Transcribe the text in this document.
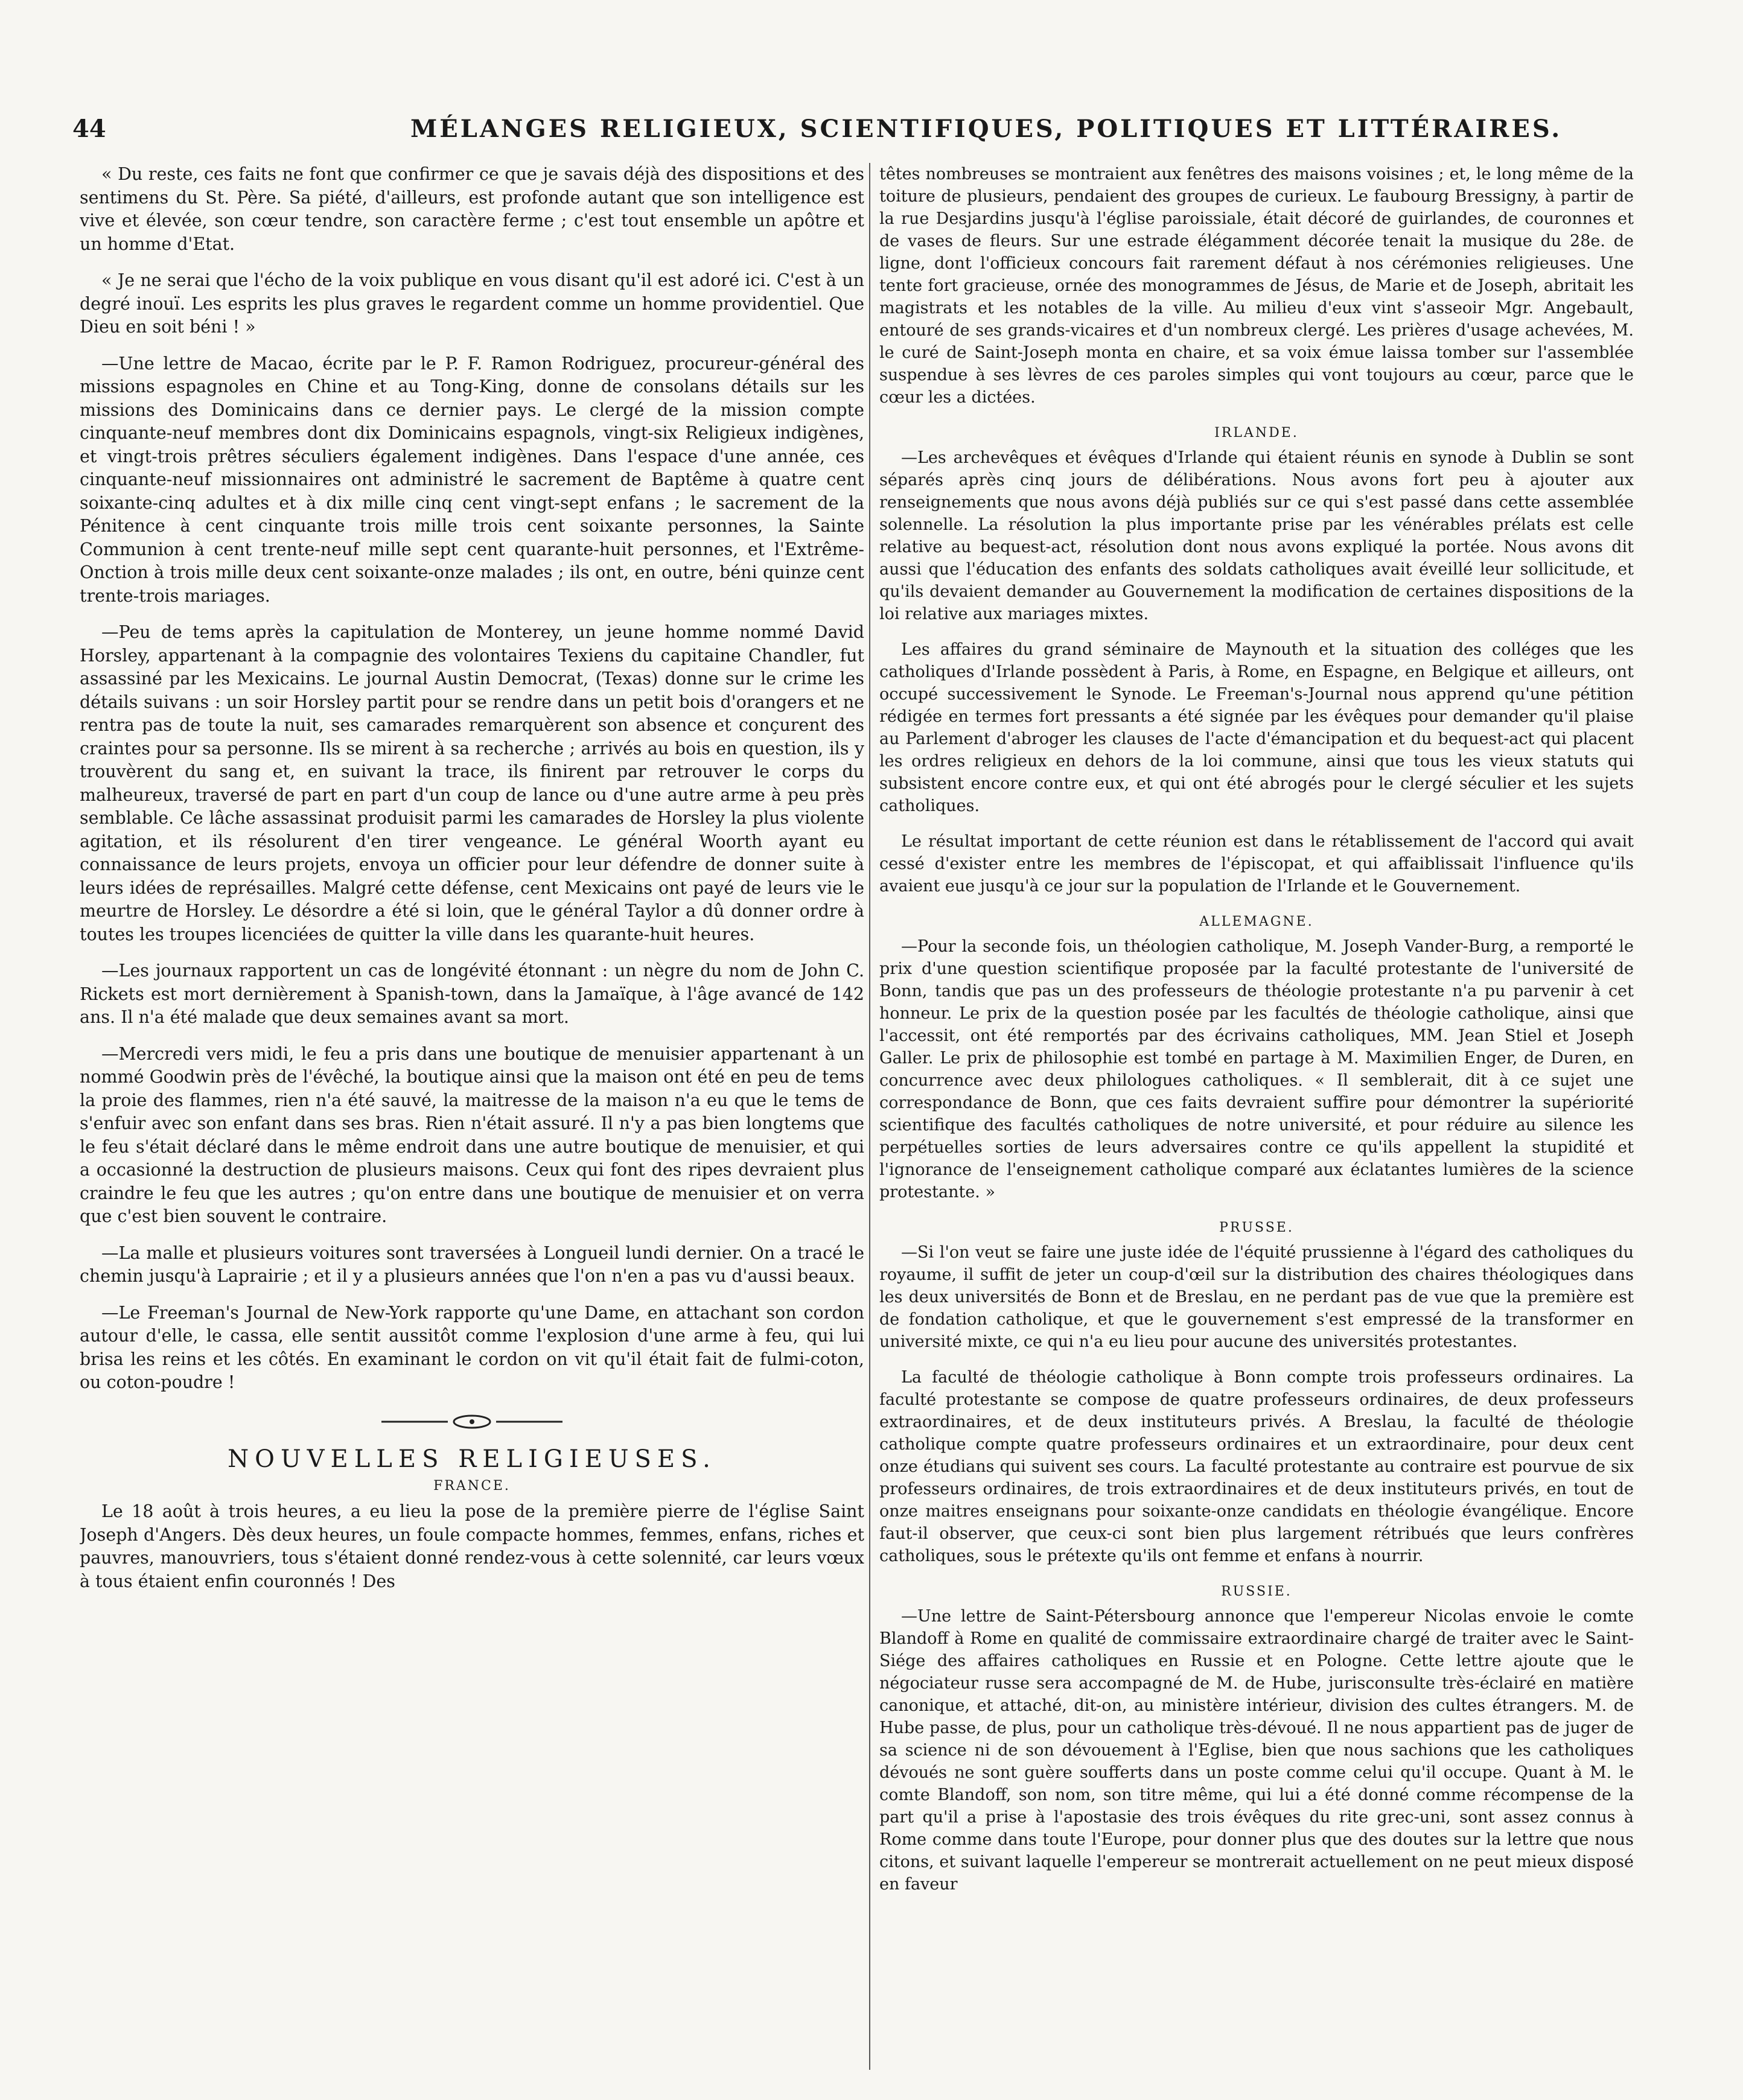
44	MÉLANGES RELIGIEUX, SCIENTIFIQUES, POLITIQUES ET LITTÉRAIRES.

« Du reste, ces faits ne font que confirmer ce que je savais déjà des dispositions et des sentimens du St. Père. Sa piété, d'ailleurs, est profonde autant que son intelligence est vive et élevée, son cœur tendre, son caractère ferme ; c'est tout ensemble un apôtre et un homme d'Etat.

« Je ne serai que l'écho de la voix publique en vous disant qu'il est adoré ici. C'est à un degré inouï. Les esprits les plus graves le regardent comme un homme providentiel. Que Dieu en soit béni ! »

—Une lettre de Macao, écrite par le P. F. Ramon Rodriguez, procureur-général des missions espagnoles en Chine et au Tong-King, donne de consolans détails sur les missions des Dominicains dans ce dernier pays. Le clergé de la mission compte cinquante-neuf membres dont dix Dominicains espagnols, vingt-six Religieux indigènes, et vingt-trois prêtres séculiers également indigènes. Dans l'espace d'une année, ces cinquante-neuf missionnaires ont administré le sacrement de Baptême à quatre cent soixante-cinq adultes et à dix mille cinq cent vingt-sept enfans ; le sacrement de la Pénitence à cent cinquante trois mille trois cent soixante personnes, la Sainte Communion à cent trente-neuf mille sept cent quarante-huit personnes, et l'Extrême-Onction à trois mille deux cent soixante-onze malades ; ils ont, en outre, béni quinze cent trente-trois mariages.

—Peu de tems après la capitulation de Monterey, un jeune homme nommé David Horsley, appartenant à la compagnie des volontaires Texiens du capitaine Chandler, fut assassiné par les Mexicains. Le journal Austin Democrat, (Texas) donne sur le crime les détails suivans : un soir Horsley partit pour se rendre dans un petit bois d'orangers et ne rentra pas de toute la nuit, ses camarades remarquèrent son absence et conçurent des craintes pour sa personne. Ils se mirent à sa recherche ; arrivés au bois en question, ils y trouvèrent du sang et, en suivant la trace, ils finirent par retrouver le corps du malheureux, traversé de part en part d'un coup de lance ou d'une autre arme à peu près semblable. Ce lâche assassinat produisit parmi les camarades de Horsley la plus violente agitation, et ils résolurent d'en tirer vengeance. Le général Woorth ayant eu connaissance de leurs projets, envoya un officier pour leur défendre de donner suite à leurs idées de représailles. Malgré cette défense, cent Mexicains ont payé de leurs vie le meurtre de Horsley. Le désordre a été si loin, que le général Taylor a dû donner ordre à toutes les troupes licenciées de quitter la ville dans les quarante-huit heures.

—Les journaux rapportent un cas de longévité étonnant : un nègre du nom de John C. Rickets est mort dernièrement à Spanish-town, dans la Jamaïque, à l'âge avancé de 142 ans. Il n'a été malade que deux semaines avant sa mort.

—Mercredi vers midi, le feu a pris dans une boutique de menuisier appartenant à un nommé Goodwin près de l'évêché, la boutique ainsi que la maison ont été en peu de tems la proie des flammes, rien n'a été sauvé, la maitresse de la maison n'a eu que le tems de s'enfuir avec son enfant dans ses bras. Rien n'était assuré. Il n'y a pas bien longtems que le feu s'était déclaré dans le même endroit dans une autre boutique de menuisier, et qui a occasionné la destruction de plusieurs maisons. Ceux qui font des ripes devraient plus craindre le feu que les autres ; qu'on entre dans une boutique de menuisier et on verra que c'est bien souvent le contraire.

—La malle et plusieurs voitures sont traversées à Longueil lundi dernier. On a tracé le chemin jusqu'à Laprairie ; et il y a plusieurs années que l'on n'en a pas vu d'aussi beaux.

—Le Freeman's Journal de New-York rapporte qu'une Dame, en attachant son cordon autour d'elle, le cassa, elle sentit aussitôt comme l'explosion d'une arme à feu, qui lui brisa les reins et les côtés. En examinant le cordon on vit qu'il était fait de fulmi-coton, ou coton-poudre !

NOUVELLES RELIGIEUSES.
FRANCE.

Le 18 août à trois heures, a eu lieu la pose de la première pierre de l'église Saint Joseph d'Angers. Dès deux heures, un foule compacte hommes, femmes, enfans, riches et pauvres, manouvriers, tous s'étaient donné rendez-vous à cette solennité, car leurs vœux à tous étaient enfin couronnés ! Des

têtes nombreuses se montraient aux fenêtres des maisons voisines ; et, le long même de la toiture de plusieurs, pendaient des groupes de curieux. Le faubourg Bressigny, à partir de la rue Desjardins jusqu'à l'église paroissiale, était décoré de guirlandes, de couronnes et de vases de fleurs. Sur une estrade élégamment décorée tenait la musique du 28e. de ligne, dont l'officieux concours fait rarement défaut à nos cérémonies religieuses. Une tente fort gracieuse, ornée des monogrammes de Jésus, de Marie et de Joseph, abritait les magistrats et les notables de la ville. Au milieu d'eux vint s'asseoir Mgr. Angebault, entouré de ses grands-vicaires et d'un nombreux clergé. Les prières d'usage achevées, M. le curé de Saint-Joseph monta en chaire, et sa voix émue laissa tomber sur l'assemblée suspendue à ses lèvres de ces paroles simples qui vont toujours au cœur, parce que le cœur les a dictées.

IRLANDE.

—Les archevêques et évêques d'Irlande qui étaient réunis en synode à Dublin se sont séparés après cinq jours de délibérations. Nous avons fort peu à ajouter aux renseignements que nous avons déjà publiés sur ce qui s'est passé dans cette assemblée solennelle. La résolution la plus importante prise par les vénérables prélats est celle relative au bequest-act, résolution dont nous avons expliqué la portée. Nous avons dit aussi que l'éducation des enfants des soldats catholiques avait éveillé leur sollicitude, et qu'ils devaient demander au Gouvernement la modification de certaines dispositions de la loi relative aux mariages mixtes.

Les affaires du grand séminaire de Maynouth et la situation des colléges que les catholiques d'Irlande possèdent à Paris, à Rome, en Espagne, en Belgique et ailleurs, ont occupé successivement le Synode. Le Freeman's-Journal nous apprend qu'une pétition rédigée en termes fort pressants a été signée par les évêques pour demander qu'il plaise au Parlement d'abroger les clauses de l'acte d'émancipation et du bequest-act qui placent les ordres religieux en dehors de la loi commune, ainsi que tous les vieux statuts qui subsistent encore contre eux, et qui ont été abrogés pour le clergé séculier et les sujets catholiques.

Le résultat important de cette réunion est dans le rétablissement de l'accord qui avait cessé d'exister entre les membres de l'épiscopat, et qui affaiblissait l'influence qu'ils avaient eue jusqu'à ce jour sur la population de l'Irlande et le Gouvernement.

ALLEMAGNE.

—Pour la seconde fois, un théologien catholique, M. Joseph Vander-Burg, a remporté le prix d'une question scientifique proposée par la faculté protestante de l'université de Bonn, tandis que pas un des professeurs de théologie protestante n'a pu parvenir à cet honneur. Le prix de la question posée par les facultés de théologie catholique, ainsi que l'accessit, ont été remportés par des écrivains catholiques, MM. Jean Stiel et Joseph Galler. Le prix de philosophie est tombé en partage à M. Maximilien Enger, de Duren, en concurrence avec deux philologues catholiques. « Il semblerait, dit à ce sujet une correspondance de Bonn, que ces faits devraient suffire pour démontrer la supériorité scientifique des facultés catholiques de notre université, et pour réduire au silence les perpétuelles sorties de leurs adversaires contre ce qu'ils appellent la stupidité et l'ignorance de l'enseignement catholique comparé aux éclatantes lumières de la science protestante. »

PRUSSE.

—Si l'on veut se faire une juste idée de l'équité prussienne à l'égard des catholiques du royaume, il suffit de jeter un coup-d'œil sur la distribution des chaires théologiques dans les deux universités de Bonn et de Breslau, en ne perdant pas de vue que la première est de fondation catholique, et que le gouvernement s'est empressé de la transformer en université mixte, ce qui n'a eu lieu pour aucune des universités protestantes.

La faculté de théologie catholique à Bonn compte trois professeurs ordinaires. La faculté protestante se compose de quatre professeurs ordinaires, de deux professeurs extraordinaires, et de deux instituteurs privés. A Breslau, la faculté de théologie catholique compte quatre professeurs ordinaires et un extraordinaire, pour deux cent onze étudians qui suivent ses cours. La faculté protestante au contraire est pourvue de six professeurs ordinaires, de trois extraordinaires et de deux instituteurs privés, en tout de onze maitres enseignans pour soixante-onze candidats en théologie évangélique. Encore faut-il observer, que ceux-ci sont bien plus largement rétribués que leurs confrères catholiques, sous le prétexte qu'ils ont femme et enfans à nourrir.

RUSSIE.

—Une lettre de Saint-Pétersbourg annonce que l'empereur Nicolas envoie le comte Blandoff à Rome en qualité de commissaire extraordinaire chargé de traiter avec le Saint-Siége des affaires catholiques en Russie et en Pologne. Cette lettre ajoute que le négociateur russe sera accompagné de M. de Hube, jurisconsulte très-éclairé en matière canonique, et attaché, dit-on, au ministère intérieur, division des cultes étrangers. M. de Hube passe, de plus, pour un catholique très-dévoué. Il ne nous appartient pas de juger de sa science ni de son dévouement à l'Eglise, bien que nous sachions que les catholiques dévoués ne sont guère soufferts dans un poste comme celui qu'il occupe. Quant à M. le comte Blandoff, son nom, son titre même, qui lui a été donné comme récompense de la part qu'il a prise à l'apostasie des trois évêques du rite grec-uni, sont assez connus à Rome comme dans toute l'Europe, pour donner plus que des doutes sur la lettre que nous citons, et suivant laquelle l'empereur se montrerait actuellement on ne peut mieux disposé en faveur
